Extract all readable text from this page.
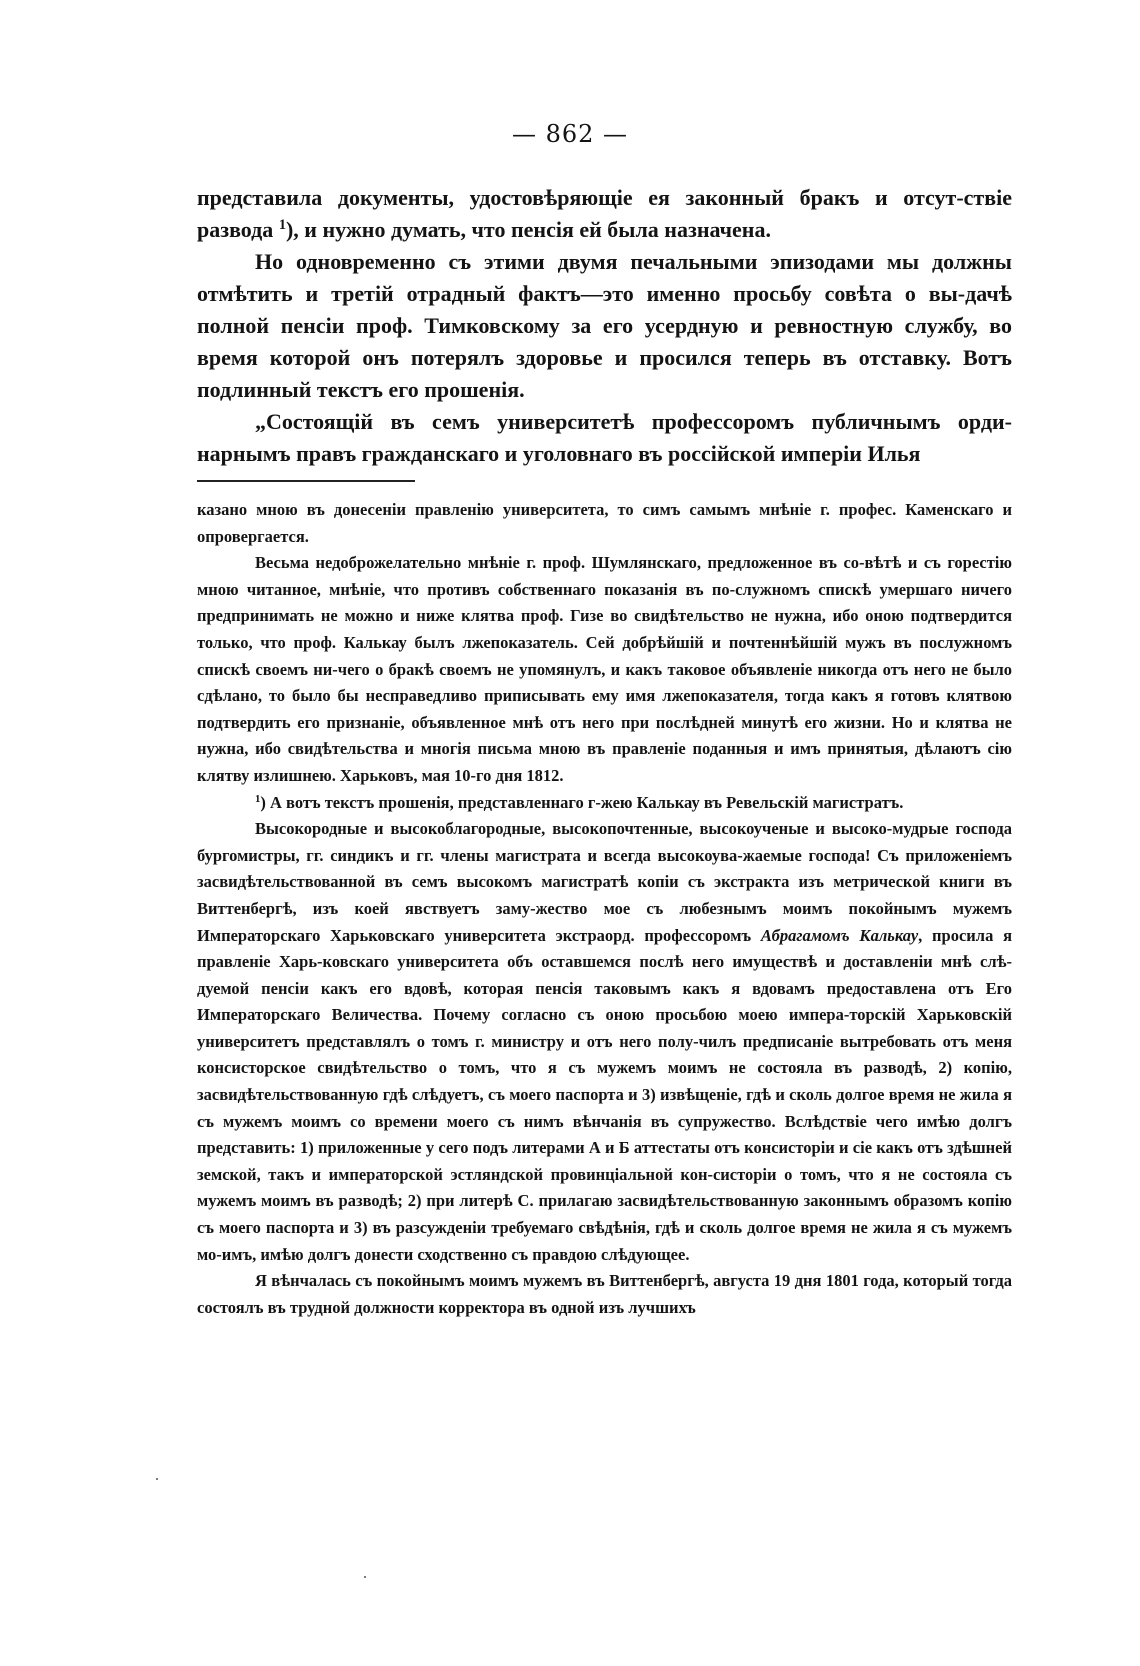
— 862 —

представила документы, удостовѣряющіе ея законный бракъ и отсут-ствіе развода $^1$), и нужно думать, что пенсія ей была назначена.

Но одновременно съ этими двумя печальными эпизодами мы должны отмѣтить и третій отрадный фактъ—это именно просьбу совѣта о вы-дачѣ полной пенсіи проф. Тимковскому за его усердную и ревностную службу, во время которой онъ потерялъ здоровье и просился теперь въ отставку. Вотъ подлинный текстъ его прошенія.

„Состоящій въ семъ университетѣ профессоромъ публичнымъ орди-нарнымъ правъ гражданскаго и уголовнаго въ россійской имперіи Илья

казано мною въ донесеніи правленію университета, то симъ самымъ мнѣніе г. профес. Каменскаго и опровергается.

Весьма недоброжелательно мнѣніе г. проф. Шумлянскаго, предложенное въ со-вѣтѣ и съ горестію мною читанное, мнѣніе, что противъ собственнаго показанія въ по-служномъ спискѣ умершаго ничего предпринимать не можно и ниже клятва проф. Гизе во свидѣтельство не нужна, ибо оною подтвердится только, что проф. Калькау былъ лжепоказатель. Сей добрѣйшій и почтеннѣйшій мужъ въ послужномъ спискѣ своемъ ни-чего о бракѣ своемъ не упомянулъ, и какъ таковое объявленіе никогда отъ него не было сдѣлано, то было бы несправедливо приписывать ему имя лжепоказателя, тогда какъ я готовъ клятвою подтвердить его признаніе, объявленное мнѣ отъ него при послѣдней минутѣ его жизни. Но и клятва не нужна, ибо свидѣтельства и многія письма мною въ правленіе поданныя и имъ принятыя, дѣлаютъ сію клятву излишнею. Харьковъ, мая 10-го дня 1812.

$^1$) А вотъ текстъ прошенія, представленнаго г-жею Калькау въ Ревельскій магистратъ.

Высокородные и высокоблагородные, высокопочтенные, высокоученые и высоко-мудрые господа бургомистры, гг. синдикъ и гг. члены магистрата и всегда высокоува-жаемые господа! Съ приложеніемъ засвидѣтельствованной въ семъ высокомъ магистратѣ копіи съ экстракта изъ метрической книги въ Виттенбергѣ, изъ коей явствуетъ заму-жество мое съ любезнымъ моимъ покойнымъ мужемъ Императорскаго Харьковскаго университета экстраорд. профессоромъ Абрагамомъ Калькау, просила я правленіе Харь-ковскаго университета объ оставшемся послѣ него имуществѣ и доставленіи мнѣ слѣ-дуемой пенсіи какъ его вдовѣ, которая пенсія таковымъ какъ я вдовамъ предоставлена отъ Его Императорскаго Величества. Почему согласно съ оною просьбою моею импера-торскій Харьковскій университетъ представлялъ о томъ г. министру и отъ него полу-чилъ предписаніе вытребовать отъ меня консисторское свидѣтельство о томъ, что я съ мужемъ моимъ не состояла въ разводѣ, 2) копію, засвидѣтельствованную гдѣ слѣдуетъ, съ моего паспорта и 3) извѣщеніе, гдѣ и сколь долгое время не жила я съ мужемъ моимъ со времени моего съ нимъ вѣнчанія въ супружество. Вслѣдствіе чего имѣю долгъ представить: 1) приложенные у сего подъ литерами А и Б аттестаты отъ консисторіи и сіе какъ отъ здѣшней земской, такъ и императорской эстляндской провинціальной кон-систоріи о томъ, что я не состояла съ мужемъ моимъ въ разводѣ; 2) при литерѣ С. прилагаю засвидѣтельствованную законнымъ образомъ копію съ моего паспорта и 3) въ разсужденіи требуемаго свѣдѣнія, гдѣ и сколь долгое время не жила я съ мужемъ мо-имъ, имѣю долгъ донести сходственно съ правдою слѣдующее.

Я вѣнчалась съ покойнымъ моимъ мужемъ въ Виттенбергѣ, августа 19 дня 1801 года, который тогда состоялъ въ трудной должности корректора въ одной изъ лучшихъ
